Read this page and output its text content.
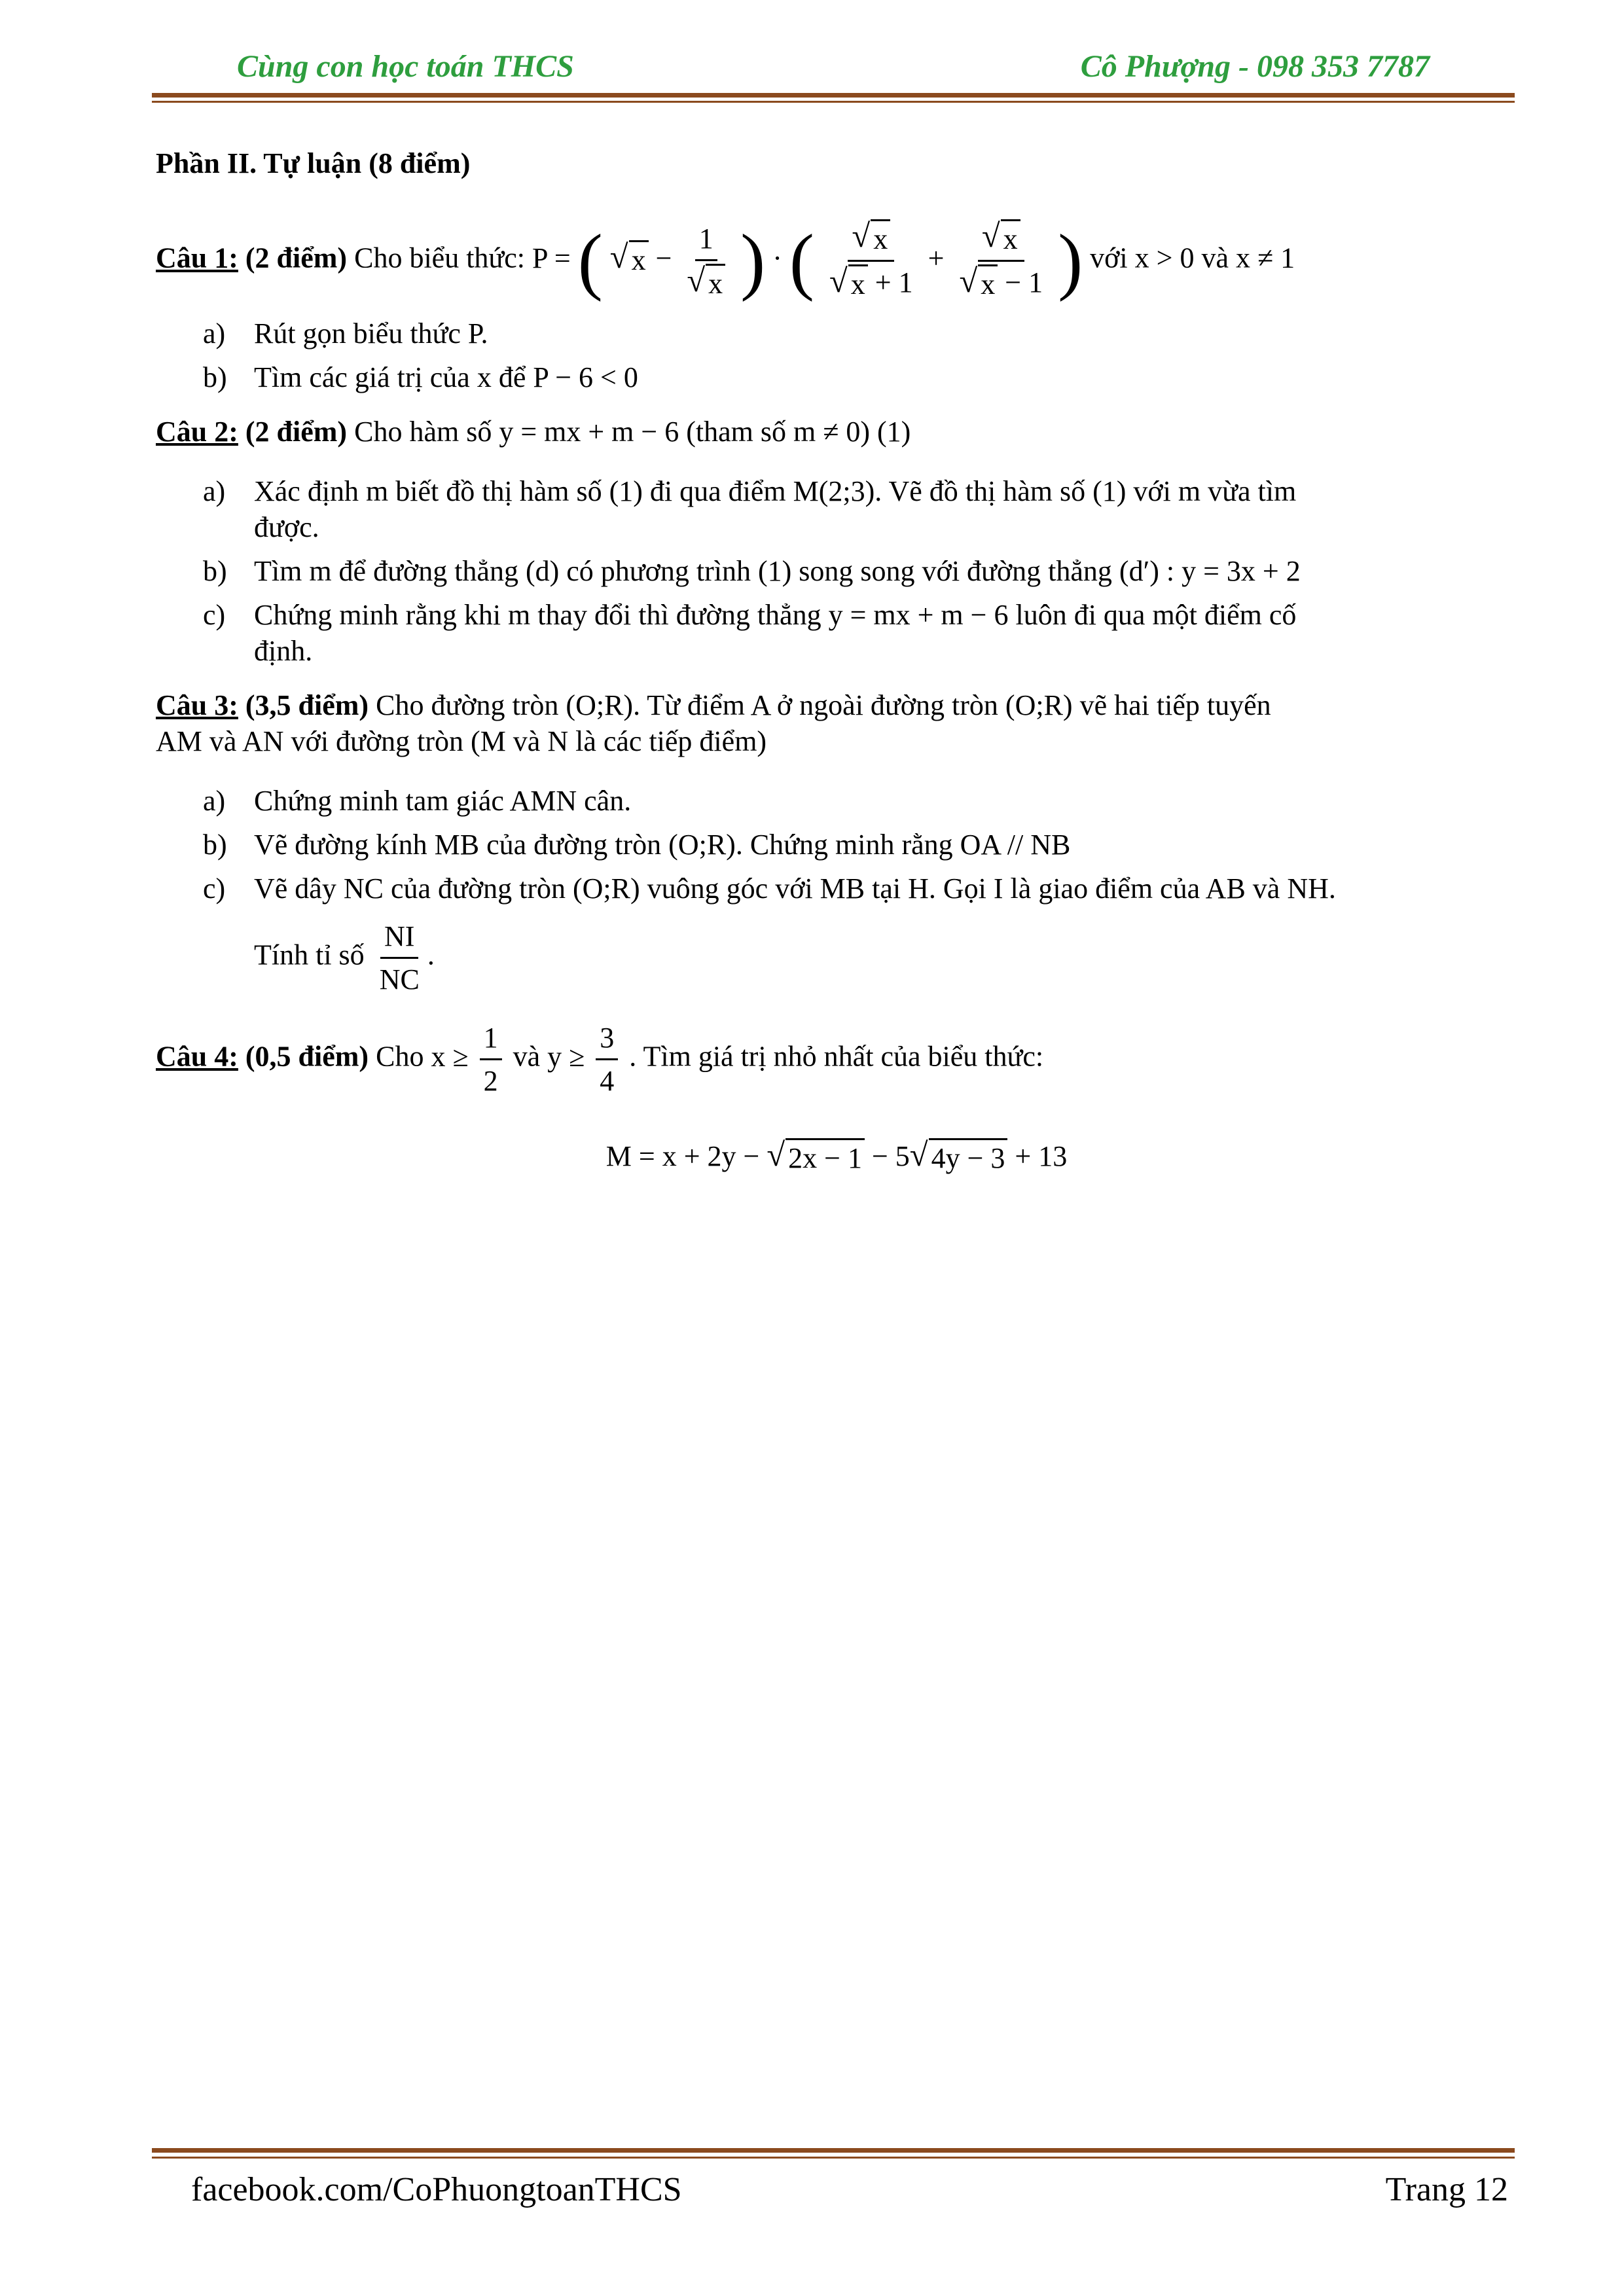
Cùng con học toán THCS	Cô Phượng - 098 353 7787

Phần II. Tự luận (8 điểm)

Câu 1: (2 điểm) Cho biểu thức: P = ( √ $x - \frac{1}{√ x}$ ) · ( $\frac{√ x}{√ x + 1} + \frac{√ x}{√ x - 1}$ ) với x > 0 và x ≠ 1
a) Rút gọn biểu thức P.
b) Tìm các giá trị của x để P − 6 < 0
Câu 2: (2 điểm) Cho hàm số y = mx + m − 6 (tham số m ≠ 0) (1)
a) Xác định m biết đồ thị hàm số (1) đi qua điểm M(2;3). Vẽ đồ thị hàm số (1) với m vừa tìm
được.
b) Tìm m để đường thẳng (d) có phương trình (1) song song với đường thẳng (d′) : y = 3x + 2
c) Chứng minh rằng khi m thay đổi thì đường thẳng y = mx + m − 6 luôn đi qua một điểm cố
định.
Câu 3: (3,5 điểm) Cho đường tròn (O;R). Từ điểm A ở ngoài đường tròn (O;R) vẽ hai tiếp tuyến
AM và AN với đường tròn (M và N là các tiếp điểm)
a) Chứng minh tam giác AMN cân.
b) Vẽ đường kính MB của đường tròn (O;R). Chứng minh rằng OA // NB
c) Vẽ dây NC của đường tròn (O;R) vuông góc với MB tại H. Gọi I là giao điểm của AB và NH.
Tính tỉ số $\frac{NI}{NC}$ .
Câu 4: (0,5 điểm) Cho $x \ge \frac{1}{2}$ và $y \ge \frac{3}{4}$ . Tìm giá trị nhỏ nhất của biểu thức:
M = x + 2y − √ 2x − 1 − 5 √ 4y − 3 + 13
facebook.com/CoPhuongtoanTHCS	Trang 12
